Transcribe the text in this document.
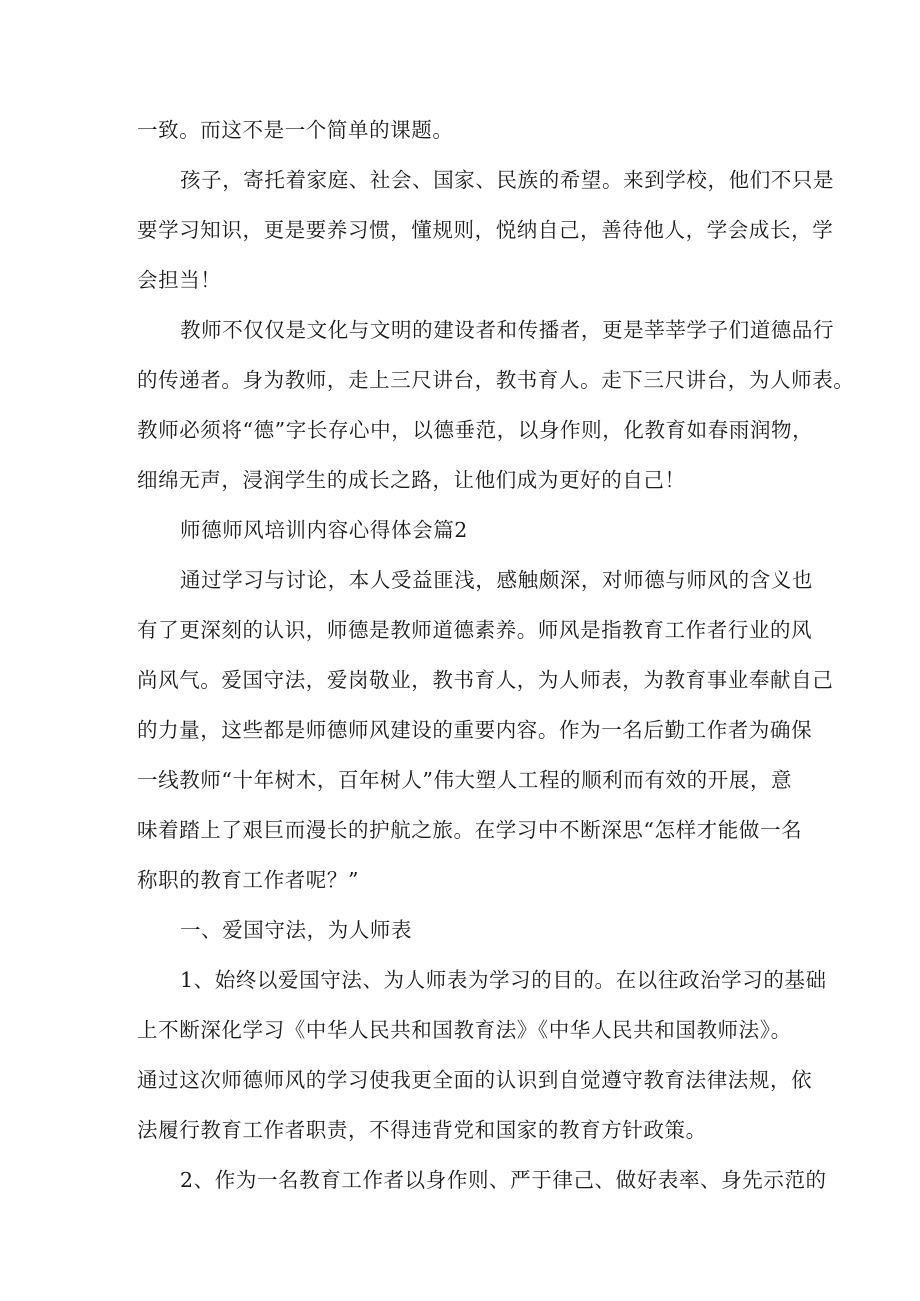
一致。而这不是一个简单的课题。
孩子，寄托着家庭、社会、国家、民族的希望。来到学校，他们不只是
要学习知识，更是要养习惯，懂规则，悦纳自己，善待他人，学会成长，学
会担当！
教师不仅仅是文化与文明的建设者和传播者，更是莘莘学子们道德品行
的传递者。身为教师，走上三尺讲台，教书育人。走下三尺讲台，为人师表。
教师必须将“德”字长存心中，以德垂范，以身作则，化教育如春雨润物，
细绵无声，浸润学生的成长之路，让他们成为更好的自己！
师德师风培训内容心得体会篇2
通过学习与讨论，本人受益匪浅，感触颇深，对师德与师风的含义也
有了更深刻的认识，师德是教师道德素养。师风是指教育工作者行业的风
尚风气。爱国守法，爱岗敬业，教书育人，为人师表，为教育事业奉献自己
的力量，这些都是师德师风建设的重要内容。作为一名后勤工作者为确保
一线教师“十年树木，百年树人”伟大塑人工程的顺利而有效的开展，意
味着踏上了艰巨而漫长的护航之旅。在学习中不断深思“怎样才能做一名
称职的教育工作者呢？”
一、爱国守法，为人师表
1、始终以爱国守法、为人师表为学习的目的。在以往政治学习的基础
上不断深化学习《中华人民共和国教育法》《中华人民共和国教师法》。
通过这次师德师风的学习使我更全面的认识到自觉遵守教育法律法规，依
法履行教育工作者职责，不得违背党和国家的教育方针政策。
2、作为一名教育工作者以身作则、严于律己、做好表率、身先示范的
